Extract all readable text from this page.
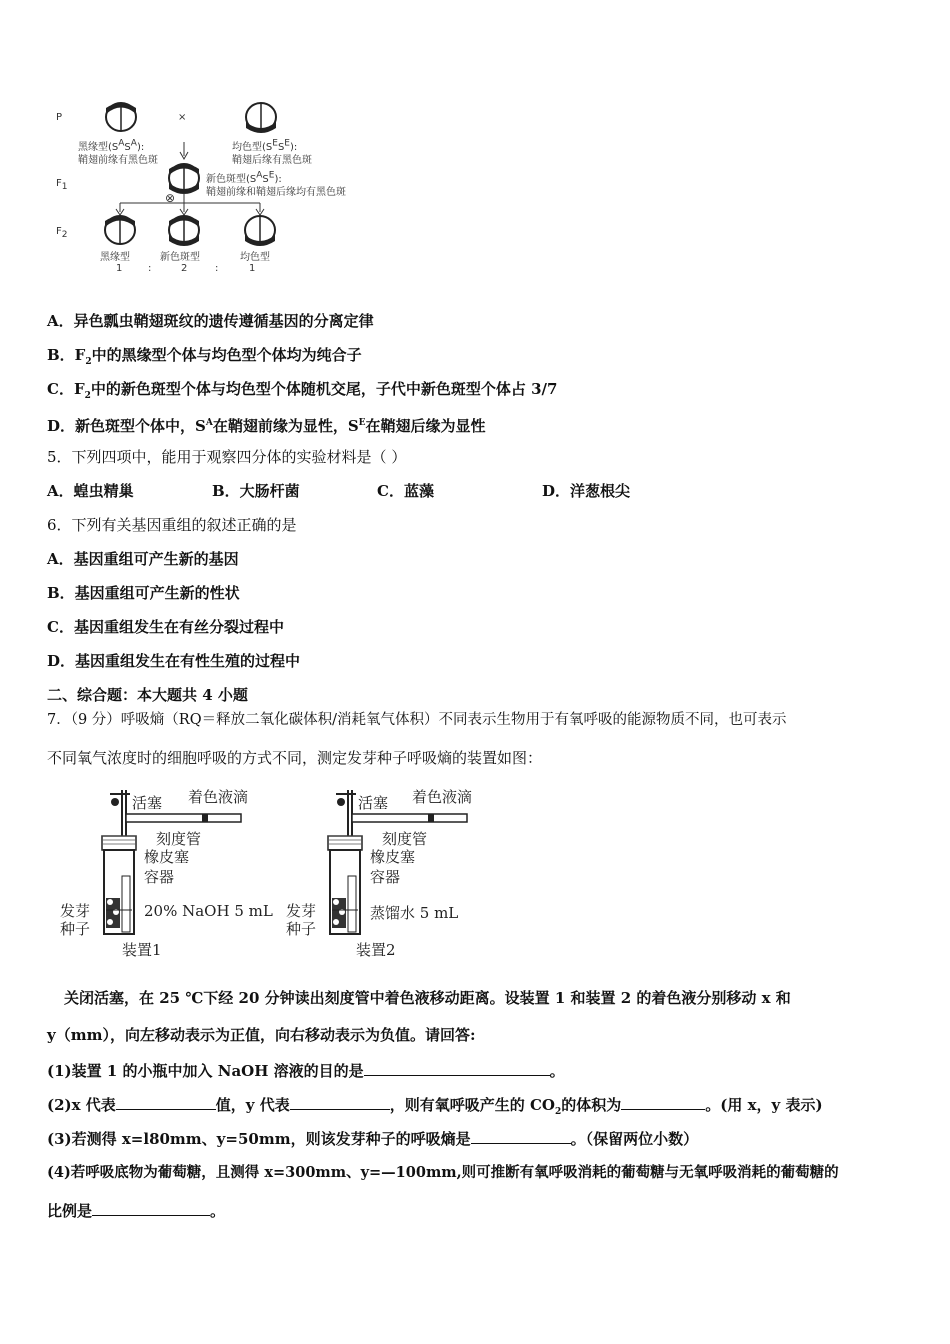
P	×
黑缘型$(S^AS^A)$:
鞘翅前缘有黑色斑
均色型$(S^ES^E)$:
鞘翅后缘有黑色斑
$F_1$
新色斑型$(S^AS^E)$:
鞘翅前缘和鞘翅后缘均有黑色斑
⊗
$F_2$
黑缘型	新色斑型	均色型
1	:	2	:	1
A．异色瓢虫鞘翅斑纹的遗传遵循基因的分离定律
B．$F_2$中的黑缘型个体与均色型个体均为纯合子
C．$F_2$中的新色斑型个体与均色型个体随机交尾，子代中新色斑型个体占 3/7
D．新色斑型个体中，$S^A$在鞘翅前缘为显性，$S^E$在鞘翅后缘为显性
5．下列四项中，能用于观察四分体的实验材料是（ ）
A．蝗虫精巢	B．大肠杆菌	C．蓝藻	D．洋葱根尖
6．下列有关基因重组的叙述正确的是
A．基因重组可产生新的基因
B．基因重组可产生新的性状
C．基因重组发生在有丝分裂过程中
D．基因重组发生在有性生殖的过程中
二、综合题：本大题共 4 小题
7．（9 分）呼吸熵（RQ＝释放二氧化碳体积/消耗氧气体积）不同表示生物用于有氧呼吸的能源物质不同，也可表示
不同氧气浓度时的细胞呼吸的方式不同，测定发芽种子呼吸熵的装置如图：
活塞 着色液滴
刻度管
橡皮塞
容器
发芽
种子
20% NaOH 5 mL
装置1
活塞 着色液滴
刻度管
橡皮塞
容器
发芽
种子
蒸馏水 5 mL
装置2
关闭活塞，在 25 ℃下经 20 分钟读出刻度管中着色液移动距离。设装置 1 和装置 2 的着色液分别移动 x 和
y（mm），向左移动表示为正值，向右移动表示为负值。请回答:
(1)装置 1 的小瓶中加入 NaOH 溶液的目的是	。
(2)x 代表	值，y 代表	，则有氧呼吸产生的 $CO_2$的体积为	。(用 x，y 表示)
(3)若测得 x=l80mm、y=50mm，则该发芽种子的呼吸熵是	。（保留两位小数）
(4)若呼吸底物为葡萄糖，且测得 x=300mm、y=—100mm,则可推断有氧呼吸消耗的葡萄糖与无氧呼吸消耗的葡萄糖的
比例是	。
